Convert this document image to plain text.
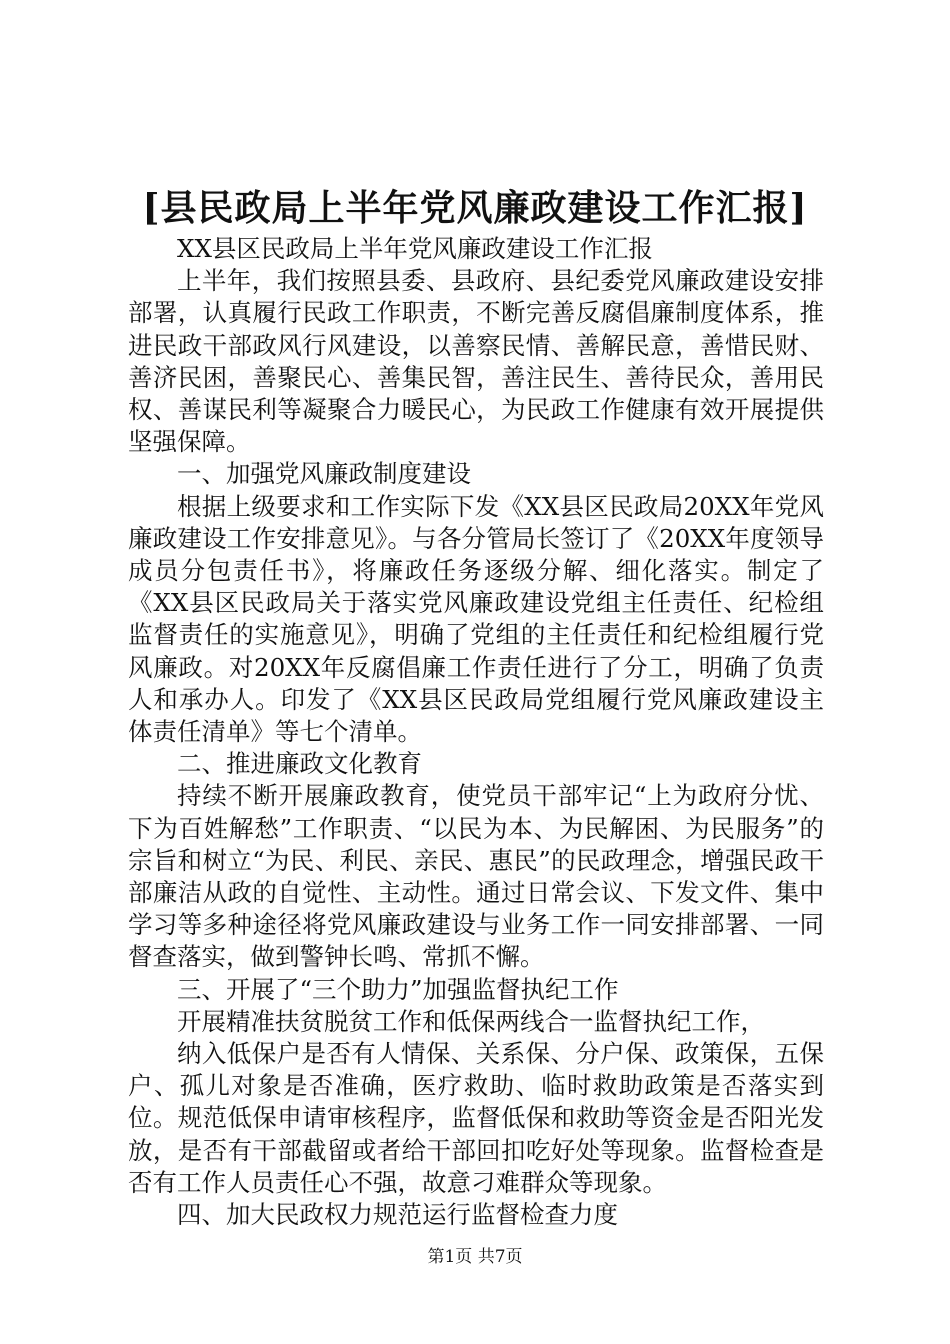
[县民政局上半年党风廉政建设工作汇报]

XX县区民政局上半年党风廉政建设工作汇报

上半年，我们按照县委、县政府、县纪委党风廉政建设安排部署，认真履行民政工作职责，不断完善反腐倡廉制度体系，推进民政干部政风行风建设，以善察民情、善解民意，善惜民财、善济民困，善聚民心、善集民智，善注民生、善待民众，善用民权、善谋民利等凝聚合力暖民心，为民政工作健康有效开展提供坚强保障。

一、加强党风廉政制度建设

根据上级要求和工作实际下发《XX县区民政局20XX年党风廉政建设工作安排意见》。与各分管局长签订了《20XX年度领导成员分包责任书》，将廉政任务逐级分解、细化落实。制定了《XX县区民政局关于落实党风廉政建设党组主任责任、纪检组监督责任的实施意见》，明确了党组的主任责任和纪检组履行党风廉政。对20XX年反腐倡廉工作责任进行了分工，明确了负责人和承办人。印发了《XX县区民政局党组履行党风廉政建设主体责任清单》等七个清单。

二、推进廉政文化教育

持续不断开展廉政教育，使党员干部牢记“上为政府分忧、下为百姓解愁”工作职责、“以民为本、为民解困、为民服务”的宗旨和树立“为民、利民、亲民、惠民”的民政理念，增强民政干部廉洁从政的自觉性、主动性。通过日常会议、下发文件、集中学习等多种途径将党风廉政建设与业务工作一同安排部署、一同督查落实，做到警钟长鸣、常抓不懈。

三、开展了“三个助力”加强监督执纪工作

开展精准扶贫脱贫工作和低保两线合一监督执纪工作，

纳入低保户是否有人情保、关系保、分户保、政策保，五保户、孤儿对象是否准确，医疗救助、临时救助政策是否落实到位。规范低保申请审核程序，监督低保和救助等资金是否阳光发放，是否有干部截留或者给干部回扣吃好处等现象。监督检查是否有工作人员责任心不强，故意刁难群众等现象。

四、加大民政权力规范运行监督检查力度

第1页 共7页
